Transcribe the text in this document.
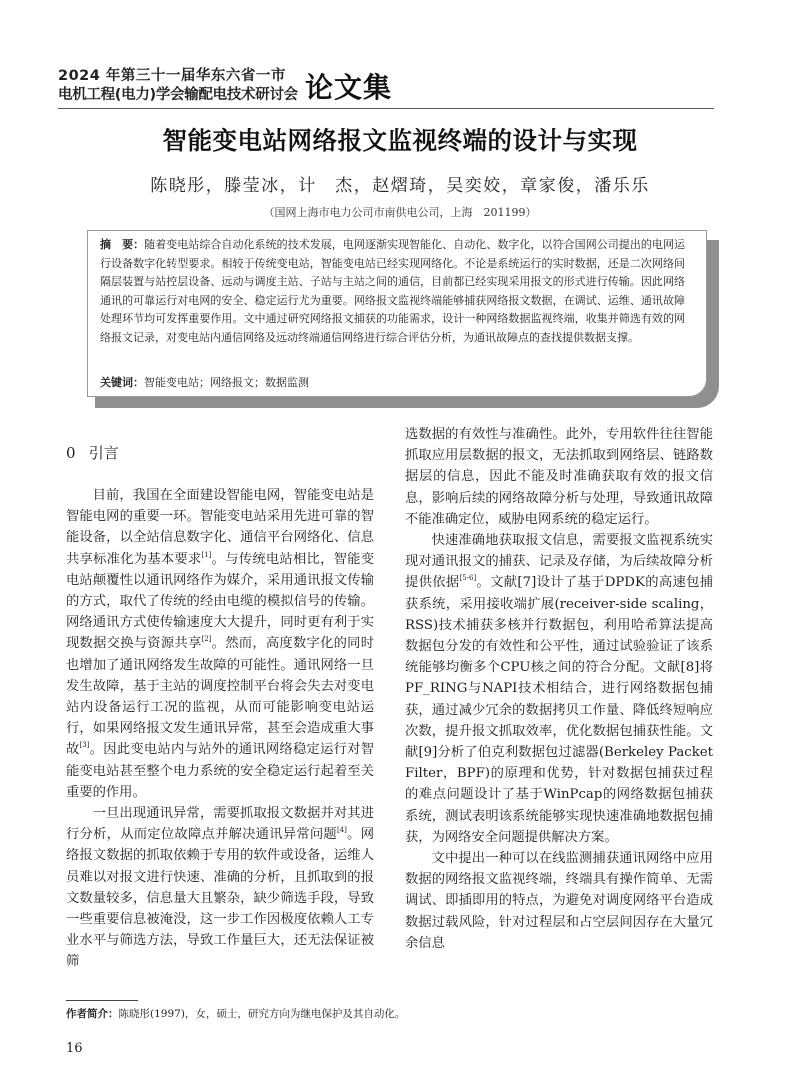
2024 年第三十一届华东六省一市
电机工程(电力)学会输配电技术研讨会 论文集
智能变电站网络报文监视终端的设计与实现
陈晓彤，滕莹冰，计　杰，赵熠琦，吴奕姣，章家俊，潘乐乐
（国网上海市电力公司市南供电公司，上海　201199）

摘　要：随着变电站综合自动化系统的技术发展，电网逐渐实现智能化、自动化、数字化，以符合国网公司提出的电网运行设备数字化转型要求。相较于传统变电站，智能变电站已经实现网络化。不论是系统运行的实时数据，还是二次网络间隔层装置与站控层设备、远动与调度主站、子站与主站之间的通信，目前都已经实现采用报文的形式进行传输。因此网络通讯的可靠运行对电网的安全、稳定运行尤为重要。网络报文监视终端能够捕获网络报文数据，在调试、运维、通讯故障处理环节均可发挥重要作用。文中通过研究网络报文捕获的功能需求，设计一种网络数据监视终端，收集并筛选有效的网络报文记录，对变电站内通信网络及远动终端通信网络进行综合评估分析，为通讯故障点的查找提供数据支撑。

关键词：智能变电站；网络报文；数据监测

0 引言

目前，我国在全面建设智能电网，智能变电站是智能电网的重要一环。智能变电站采用先进可靠的智能设备，以全站信息数字化、通信平台网络化、信息共享标准化为基本要求[1]。与传统电站相比，智能变电站颠覆性以通讯网络作为媒介，采用通讯报文传输的方式，取代了传统的经由电缆的模拟信号的传输。网络通讯方式使传输速度大大提升，同时更有利于实现数据交换与资源共享[2]。然而，高度数字化的同时也增加了通讯网络发生故障的可能性。通讯网络一旦发生故障，基于主站的调度控制平台将会失去对变电站内设备运行工况的监视，从而可能影响变电站运行，如果网络报文发生通讯异常，甚至会造成重大事故[3]。因此变电站内与站外的通讯网络稳定运行对智能变电站甚至整个电力系统的安全稳定运行起着至关重要的作用。

一旦出现通讯异常，需要抓取报文数据并对其进行分析，从而定位故障点并解决通讯异常问题[4]。网络报文数据的抓取依赖于专用的软件或设备，运维人员难以对报文进行快速、准确的分析，且抓取到的报文数量较多，信息量大且繁杂，缺少筛选手段，导致一些重要信息被淹没，这一步工作因极度依赖人工专业水平与筛选方法，导致工作量巨大，还无法保证被筛

选数据的有效性与准确性。此外，专用软件往往智能抓取应用层数据的报文，无法抓取到网络层、链路数据层的信息，因此不能及时准确获取有效的报文信息，影响后续的网络故障分析与处理，导致通讯故障不能准确定位，威胁电网系统的稳定运行。

快速准确地获取报文信息，需要报文监视系统实现对通讯报文的捕获、记录及存储，为后续故障分析提供依据[5-6]。文献[7]设计了基于DPDK的高速包捕获系统，采用接收端扩展(receiver-side scaling，RSS)技术捕获多核并行数据包，利用哈希算法提高数据包分发的有效性和公平性，通过试验验证了该系统能够均衡多个CPU核之间的符合分配。文献[8]将PF_RING与NAPI技术相结合，进行网络数据包捕获，通过减少冗余的数据拷贝工作量、降低终短响应次数，提升报文抓取效率，优化数据包捕获性能。文献[9]分析了伯克利数据包过滤器(Berkeley Packet Filter，BPF)的原理和优势，针对数据包捕获过程的难点问题设计了基于WinPcap的网络数据包捕获系统，测试表明该系统能够实现快速准确地数据包捕获，为网络安全问题提供解决方案。

文中提出一种可以在线监测捕获通讯网络中应用数据的网络报文监视终端，终端具有操作简单、无需调试、即插即用的特点，为避免对调度网络平台造成数据过载风险，针对过程层和占空层间因存在大量冗余信息

作者简介：陈晓彤(1997)，女，硕士，研究方向为继电保护及其自动化。
16
